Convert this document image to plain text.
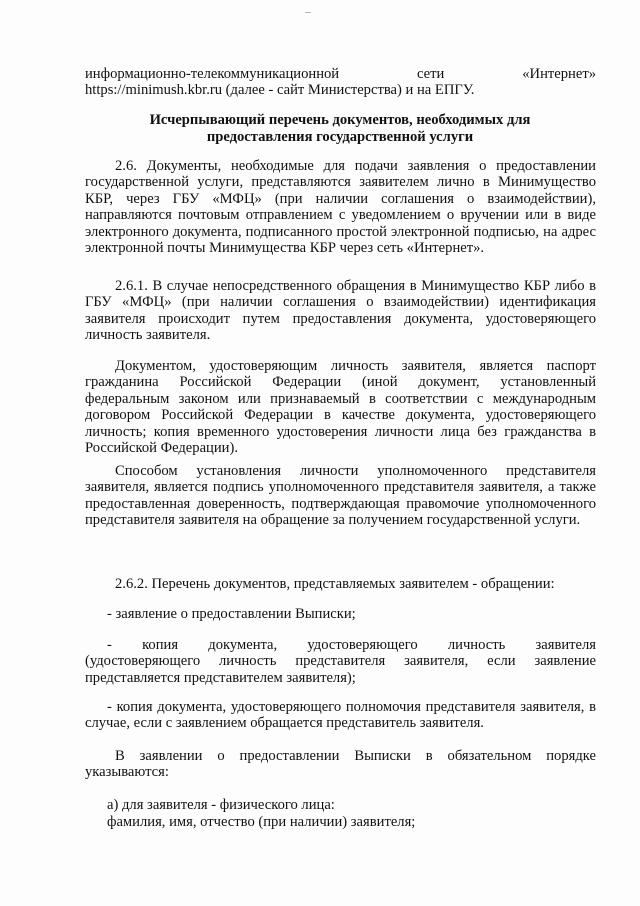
информационно-телекоммуникационной	сети	«Интернет»
https://minimush.kbr.ru (далее - сайт Министерства) и на ЕПГУ.

Исчерпывающий перечень документов, необходимых для предоставления государственной услуги

2.6. Документы, необходимые для подачи заявления о предоставлении государственной услуги, представляются заявителем лично в Минимущество КБР, через ГБУ «МФЦ» (при наличии соглашения о взаимодействии), направляются почтовым отправлением с уведомлением о вручении или в виде электронного документа, подписанного простой электронной подписью, на адрес электронной почты Минимущества КБР через сеть «Интернет».

2.6.1. В случае непосредственного обращения в Минимущество КБР либо в ГБУ «МФЦ» (при наличии соглашения о взаимодействии) идентификация заявителя происходит путем предоставления документа, удостоверяющего личность заявителя.

Документом, удостоверяющим личность заявителя, является паспорт гражданина Российской Федерации (иной документ, установленный федеральным законом или признаваемый в соответствии с международным договором Российской Федерации в качестве документа, удостоверяющего личность; копия временного удостоверения личности лица без гражданства в Российской Федерации).

Способом установления личности уполномоченного представителя заявителя, является подпись уполномоченного представителя заявителя, а также предоставленная доверенность, подтверждающая правомочие уполномоченного представителя заявителя на обращение за получением государственной услуги.

2.6.2. Перечень документов, представляемых заявителем - обращении:

- заявление о предоставлении Выписки;

- копия документа, удостоверяющего личность заявителя
(удостоверяющего личность представителя заявителя, если заявление представляется представителем заявителя);

- копия документа, удостоверяющего полномочия представителя заявителя, в случае, если с заявлением обращается представитель заявителя.

В заявлении о предоставлении Выписки в обязательном порядке указываются:

а) для заявителя - физического лица:

фамилия, имя, отчество (при наличии) заявителя;
